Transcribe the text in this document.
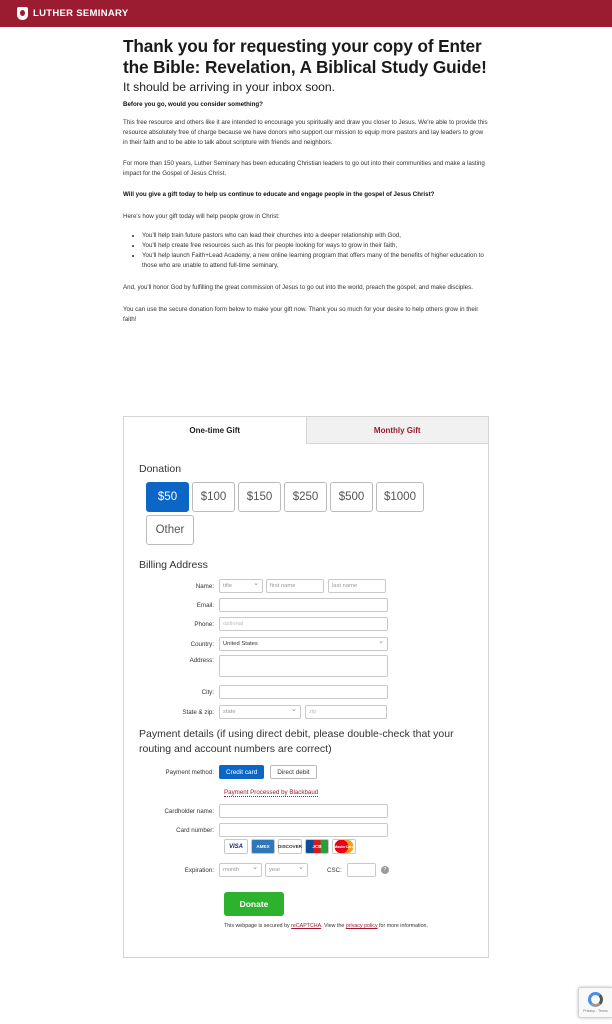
LUTHER SEMINARY
Thank you for requesting your copy of Enter the Bible: Revelation, A Biblical Study Guide!
It should be arriving in your inbox soon.
Before you go, would you consider something?

This free resource and others like it are intended to encourage you spiritually and draw you closer to Jesus. We're able to provide this resource absolutely free of charge because we have donors who support our mission to equip more pastors and lay leaders to grow in their faith and to be able to talk about scripture with friends and neighbors.

For more than 150 years, Luther Seminary has been educating Christian leaders to go out into their communities and make a lasting impact for the Gospel of Jesus Christ.

Will you give a gift today to help us continue to educate and engage people in the gospel of Jesus Christ?

Here's how your gift today will help people grow in Christ:

• You'll help train future pastors who can lead their churches into a deeper relationship with God,
• You'll help create free resources such as this for people looking for ways to grow in their faith,
• You'll help launch Faith+Lead Academy, a new online learning program that offers many of the benefits of higher education to those who are unable to attend full-time seminary,

And, you'll honor God by fulfilling the great commission of Jesus to go out into the world, preach the gospel, and make disciples.

You can use the secure donation form below to make your gift now. Thank you so much for your desire to help others grow in their faith!

One-time Gift	Monthly Gift
Donation
$50	$100	$150	$250	$500	$1000
Other
Billing Address
Name:	title ⌄	first name	last name
Email:
Phone:	optional
Country:	United States ⌄
Address:
City:
State & zip:	state ⌄	zip
Payment details (if using direct debit, please double-check that your routing and account numbers are correct)
Payment method:	Credit card	Direct debit
Payment Processed by Blackbaud
Cardholder name:
Card number:
VISA	AMEX	DISCOVER	JCB	MasterCard
Expiration:	month ⌄	year ⌄	CSC:	?
Donate
This webpage is secured by reCAPTCHA. View the privacy policy for more information.
Privacy - Terms
